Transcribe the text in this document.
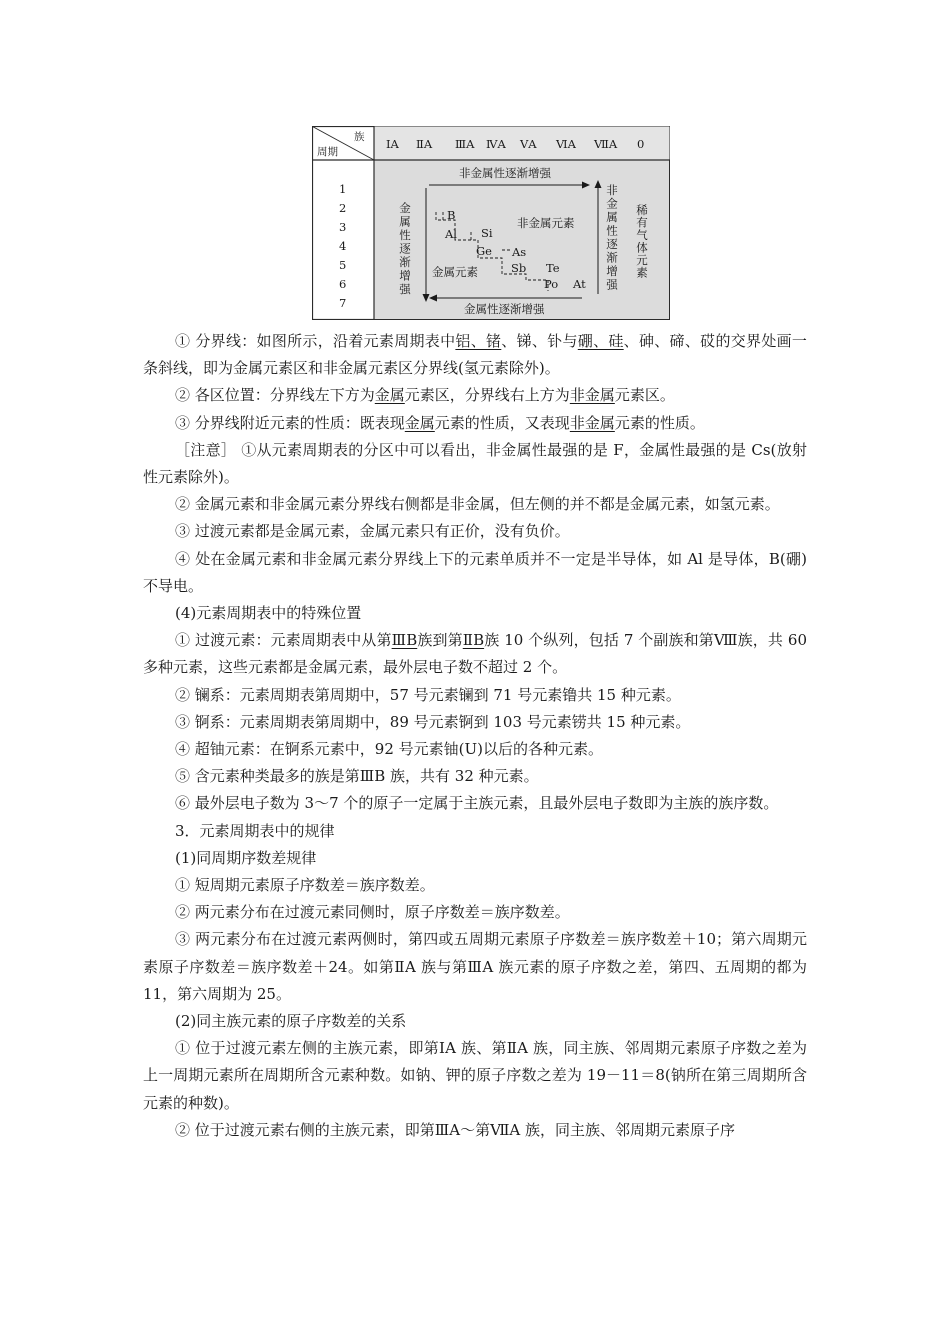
族
周期
ⅠA ⅡA ⅢA ⅣA ⅤA ⅥA ⅦA 0
1
2
3
4
5
6
7
非金属性逐渐增强
金属性逐渐增强
金属性逐渐增强	非金属性逐渐增强 稀有气体元素
非金属元素
金属元素
B
Al Si
Ge As
Sb Te
Po At

① 分界线：如图所示，沿着元素周期表中铝、锗、锑、钋与硼、硅、砷、碲、砹的交界处画一条斜线，即为金属元素区和非金属元素区分界线(氢元素除外)。

② 各区位置：分界线左下方为金属元素区，分界线右上方为非金属元素区。

③ 分界线附近元素的性质：既表现金属元素的性质，又表现非金属元素的性质。

［注意］ ①从元素周期表的分区中可以看出，非金属性最强的是 F，金属性最强的是 Cs(放射性元素除外)。

② 金属元素和非金属元素分界线右侧都是非金属，但左侧的并不都是金属元素，如氢元素。

③ 过渡元素都是金属元素，金属元素只有正价，没有负价。

④ 处在金属元素和非金属元素分界线上下的元素单质并不一定是半导体，如 Al 是导体，B(硼)不导电。

(4)元素周期表中的特殊位置

① 过渡元素：元素周期表中从第ⅢB族到第ⅡB族 10 个纵列，包括 7 个副族和第Ⅷ族，共 60 多种元素，这些元素都是金属元素，最外层电子数不超过 2 个。

② 镧系：元素周期表第周期中，57 号元素镧到 71 号元素镥共 15 种元素。

③ 锕系：元素周期表第周期中，89 号元素锕到 103 号元素铹共 15 种元素。

④ 超铀元素：在锕系元素中，92 号元素铀(U)以后的各种元素。

⑤ 含元素种类最多的族是第ⅢB 族，共有 32 种元素。

⑥ 最外层电子数为 3～7 个的原子一定属于主族元素，且最外层电子数即为主族的族序数。

3．元素周期表中的规律

(1)同周期序数差规律

① 短周期元素原子序数差＝族序数差。

② 两元素分布在过渡元素同侧时，原子序数差＝族序数差。

③ 两元素分布在过渡元素两侧时，第四或五周期元素原子序数差＝族序数差＋10；第六周期元素原子序数差＝族序数差＋24。如第ⅡA 族与第ⅢA 族元素的原子序数之差，第四、五周期的都为 11，第六周期为 25。

(2)同主族元素的原子序数差的关系

① 位于过渡元素左侧的主族元素，即第ⅠA 族、第ⅡA 族，同主族、邻周期元素原子序数之差为上一周期元素所在周期所含元素种数。如钠、钾的原子序数之差为 19－11＝8(钠所在第三周期所含元素的种数)。

② 位于过渡元素右侧的主族元素，即第ⅢA～第ⅦA 族，同主族、邻周期元素原子序
